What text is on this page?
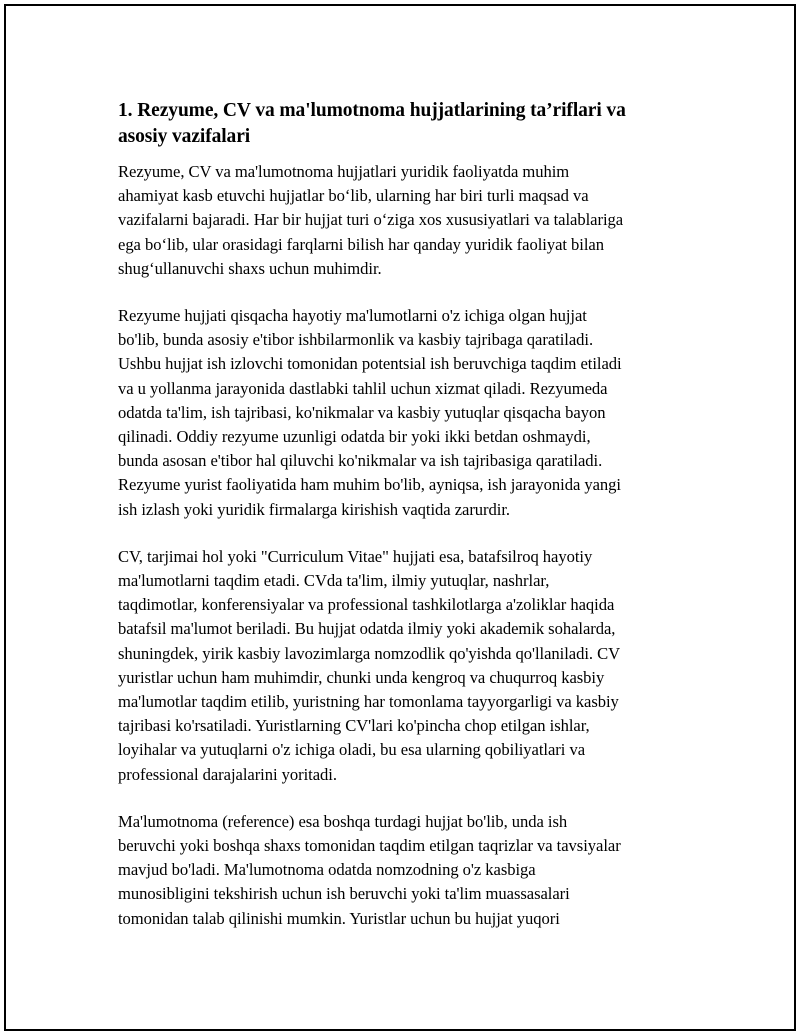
1. Rezyume, CV va ma'lumotnoma hujjatlarining ta’riflari va
asosiy vazifalari

Rezyume, CV va ma'lumotnoma hujjatlari yuridik faoliyatda muhim
ahamiyat kasb etuvchi hujjatlar bo‘lib, ularning har biri turli maqsad va
vazifalarni bajaradi. Har bir hujjat turi o‘ziga xos xususiyatlari va talablariga
ega bo‘lib, ular orasidagi farqlarni bilish har qanday yuridik faoliyat bilan
shug‘ullanuvchi shaxs uchun muhimdir.

Rezyume hujjati qisqacha hayotiy ma'lumotlarni o'z ichiga olgan hujjat
bo'lib, bunda asosiy e'tibor ishbilarmonlik va kasbiy tajribaga qaratiladi.
Ushbu hujjat ish izlovchi tomonidan potentsial ish beruvchiga taqdim etiladi
va u yollanma jarayonida dastlabki tahlil uchun xizmat qiladi. Rezyumeda
odatda ta'lim, ish tajribasi, ko'nikmalar va kasbiy yutuqlar qisqacha bayon
qilinadi. Oddiy rezyume uzunligi odatda bir yoki ikki betdan oshmaydi,
bunda asosan e'tibor hal qiluvchi ko'nikmalar va ish tajribasiga qaratiladi.
Rezyume yurist faoliyatida ham muhim bo'lib, ayniqsa, ish jarayonida yangi
ish izlash yoki yuridik firmalarga kirishish vaqtida zarurdir.

CV, tarjimai hol yoki "Curriculum Vitae" hujjati esa, batafsilroq hayotiy
ma'lumotlarni taqdim etadi. CVda ta'lim, ilmiy yutuqlar, nashrlar,
taqdimotlar, konferensiyalar va professional tashkilotlarga a'zoliklar haqida
batafsil ma'lumot beriladi. Bu hujjat odatda ilmiy yoki akademik sohalarda,
shuningdek, yirik kasbiy lavozimlarga nomzodlik qo'yishda qo'llaniladi. CV
yuristlar uchun ham muhimdir, chunki unda kengroq va chuqurroq kasbiy
ma'lumotlar taqdim etilib, yuristning har tomonlama tayyorgarligi va kasbiy
tajribasi ko'rsatiladi. Yuristlarning CV'lari ko'pincha chop etilgan ishlar,
loyihalar va yutuqlarni o'z ichiga oladi, bu esa ularning qobiliyatlari va
professional darajalarini yoritadi.

Ma'lumotnoma (reference) esa boshqa turdagi hujjat bo'lib, unda ish
beruvchi yoki boshqa shaxs tomonidan taqdim etilgan taqrizlar va tavsiyalar
mavjud bo'ladi. Ma'lumotnoma odatda nomzodning o'z kasbiga
munosibligini tekshirish uchun ish beruvchi yoki ta'lim muassasalari
tomonidan talab qilinishi mumkin. Yuristlar uchun bu hujjat yuqori
